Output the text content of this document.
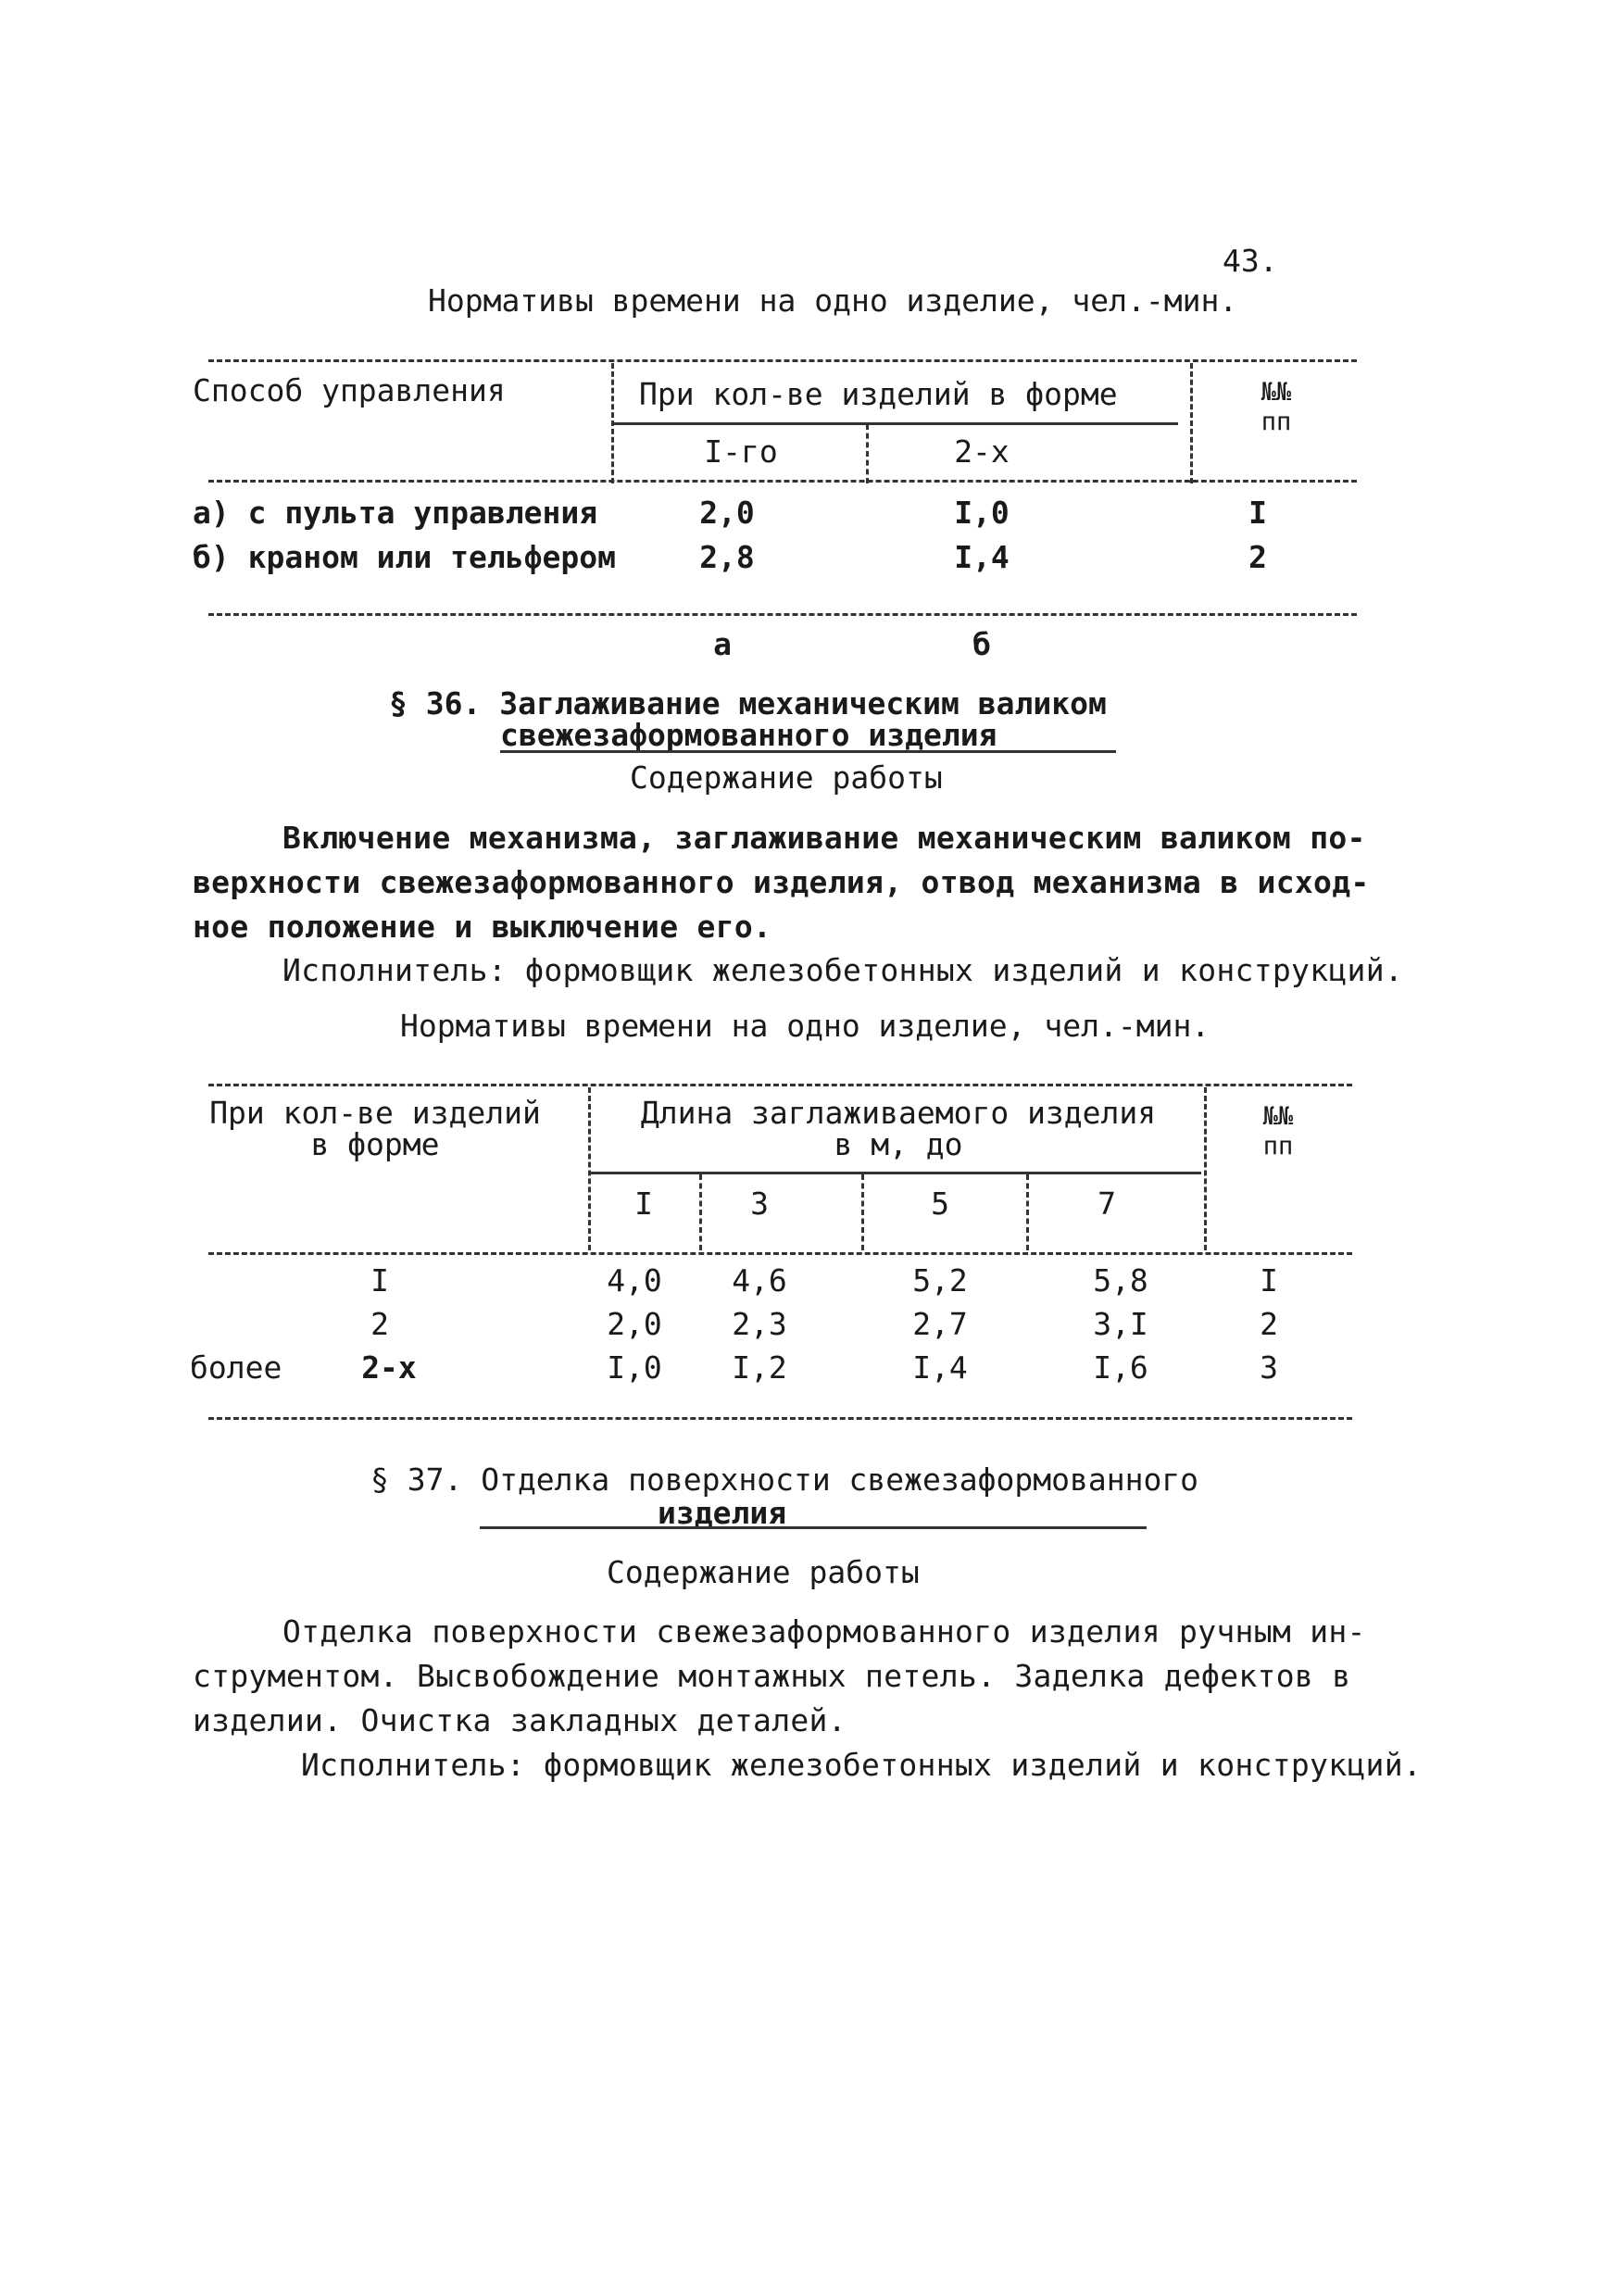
43.
Нормативы времени на одно изделие, чел.-мин.
Способ управления	При кол-ве изделий в форме	№№
пп
I-го	2-х
а) с пульта управления	2,0	I,0	I
б) краном или тельфером	2,8	I,4	2
а	б
§ 36. Заглаживание механическим валиком
свежезаформованного изделия
Содержание работы
Включение механизма, заглаживание механическим валиком по-
верхности свежезаформованного изделия, отвод механизма в исход-
ное положение и выключение его.
Исполнитель: формовщик железобетонных изделий и конструкций.
Нормативы времени на одно изделие, чел.-мин.
При кол-ве изделий
в форме
Длина заглаживаемого изделия
в м, до
№№
пп
I	3	5	7
I	4,0	4,6	5,2	5,8	I
2	2,0	2,3	2,7	3,I	2
более	2-х	I,0	I,2	I,4	I,6	3
§ 37. Отделка поверхности свежезаформованного
изделия
Содержание работы
Отделка поверхности свежезаформованного изделия ручным ин-
струментом. Высвобождение монтажных петель. Заделка дефектов в
изделии. Очистка закладных деталей.
Исполнитель: формовщик железобетонных изделий и конструкций.
